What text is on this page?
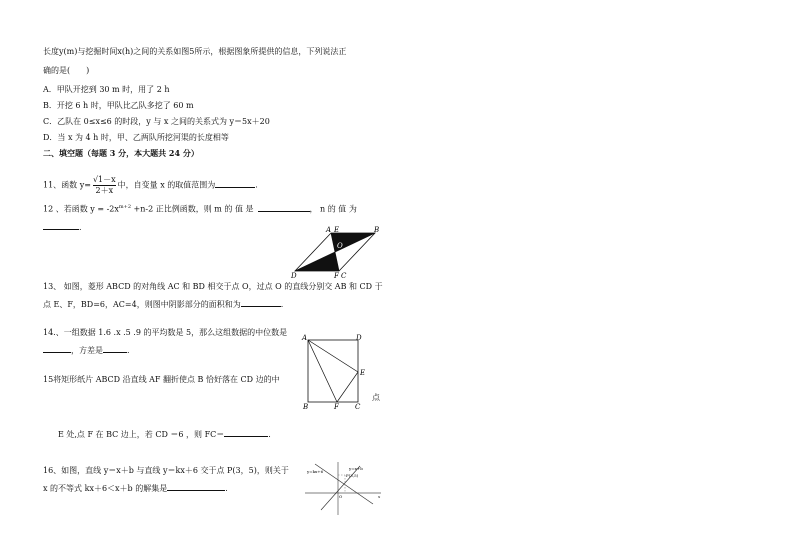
长度y(m)与挖掘时间x(h)之间的关系如图5所示，根据图象所提供的信息，下列说法正
确的是(　　)
A．甲队开挖到 30 m 时，用了 2 h
B．开挖 6 h 时，甲队比乙队多挖了 60 m
C．乙队在 0≤x≤6 的时段，y 与 x 之间的关系式为 y＝5x＋20
D．当 x 为 4 h 时，甲、乙两队所挖河渠的长度相等
二、填空题（每题 3 分，本大题共 24 分）
11、函数 $y= \frac{√1-x}{2+x}$ 中，自变量 x 的取值范围为	.
12 、若函数 $y = -2x^{m+2} +n-2$ 正比例函数，则 m 的 值 是	， n 的 值 为
.	A E	B
O
D	F C
13、 如图，菱形 ABCD 的对角线 AC 和 BD 相交于点 O，过点 O 的直线分别交 AB 和 CD 于
点 E、F，BD=6，AC=4，则图中阴影部分的面积和为	.
14.、一组数据 1.6 .x .5 .9 的平均数是 5，那么这组数据的中位数是
，方差是	.
A	D
E
B	F C
15将矩形纸片 ABCD 沿直线 AF 翻折使点 B 恰好落在 CD 边的中
点
E 处,点 F 在 BC 边上，若 CD ＝6 ，则 FC＝	.
16、如图，直线 y＝x＋b 与直线 y＝kx＋6 交于点 P(3，5)，则关于
x 的不等式 kx＋6＜x＋b 的解集是	.
y=x+b
y=kx+6
P(3,5)
O	x
